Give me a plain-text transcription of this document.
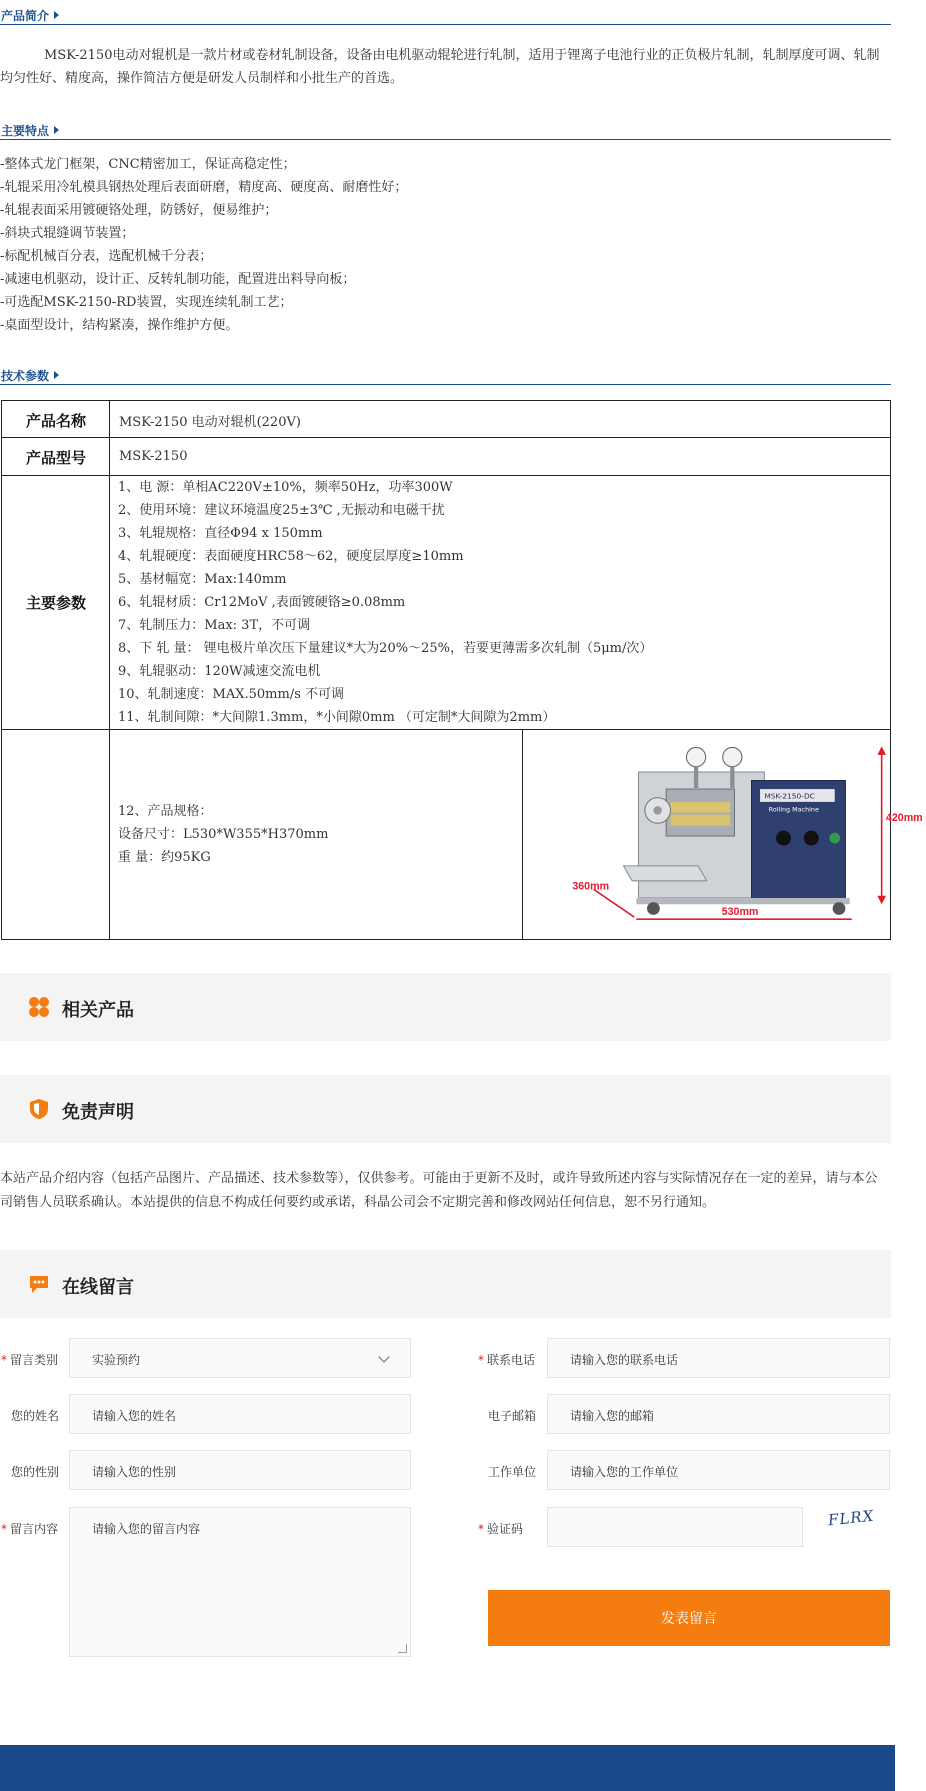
产品简介
MSK-2150电动对辊机是一款片材或卷材轧制设备，设备由电机驱动辊轮进行轧制，适用于锂离子电池行业的正负极片轧制，轧制厚度可调、轧制均匀性好、精度高，操作简洁方便是研发人员制样和小批生产的首选。
主要特点
-整体式龙门框架，CNC精密加工，保证高稳定性；
-轧辊采用冷轧模具钢热处理后表面研磨，精度高、硬度高、耐磨性好；
-轧辊表面采用镀硬铬处理，防锈好，便易维护；
-斜块式辊缝调节装置；
-标配机械百分表，选配机械千分表；
-减速电机驱动，设计正、反转轧制功能，配置进出料导向板；
-可选配MSK-2150-RD装置，实现连续轧制工艺；
-桌面型设计，结构紧凑，操作维护方便。
技术参数
产品名称	MSK-2150 电动对辊机(220V)
产品型号	MSK-2150
主要参数
1、电 源：单相AC220V±10%，频率50Hz，功率300W
2、使用环境：建议环境温度25±3℃ ,无振动和电磁干扰
3、轧辊规格：直径Φ94 x 150mm
4、轧辊硬度：表面硬度HRC58～62，硬度层厚度≥10mm
5、基材幅宽：Max:140mm
6、轧辊材质：Cr12MoV ,表面镀硬铬≥0.08mm
7、轧制压力：Max: 3T，不可调
8、下 轧 量： 锂电极片单次压下量建议*大为20%～25%，若要更薄需多次轧制（5μm/次）
9、轧辊驱动：120W减速交流电机
10、轧制速度：MAX.50mm/s 不可调
11、轧制间隙：*大间隙1.3mm，*小间隙0mm （可定制*大间隙为2mm）
12、产品规格：
设备尺寸：L530*W355*H370mm
重 量：约95KG
MSK-2150-DC
Rolling Machine
420mm
360mm
530mm
相关产品
免责声明
本站产品介绍内容（包括产品图片、产品描述、技术参数等），仅供参考。可能由于更新不及时，或许导致所述内容与实际情况存在一定的差异，请与本公司销售人员联系确认。本站提供的信息不构成任何要约或承诺，科晶公司会不定期完善和修改网站任何信息，恕不另行通知。
在线留言
* 留言类别	实验预约	* 联系电话	请输入您的联系电话
您的姓名	请输入您的姓名	电子邮箱	请输入您的邮箱
您的性别	请输入您的性别	工作单位	请输入您的工作单位
* 留言内容	请输入您的留言内容	* 验证码	FLRX
发表留言
